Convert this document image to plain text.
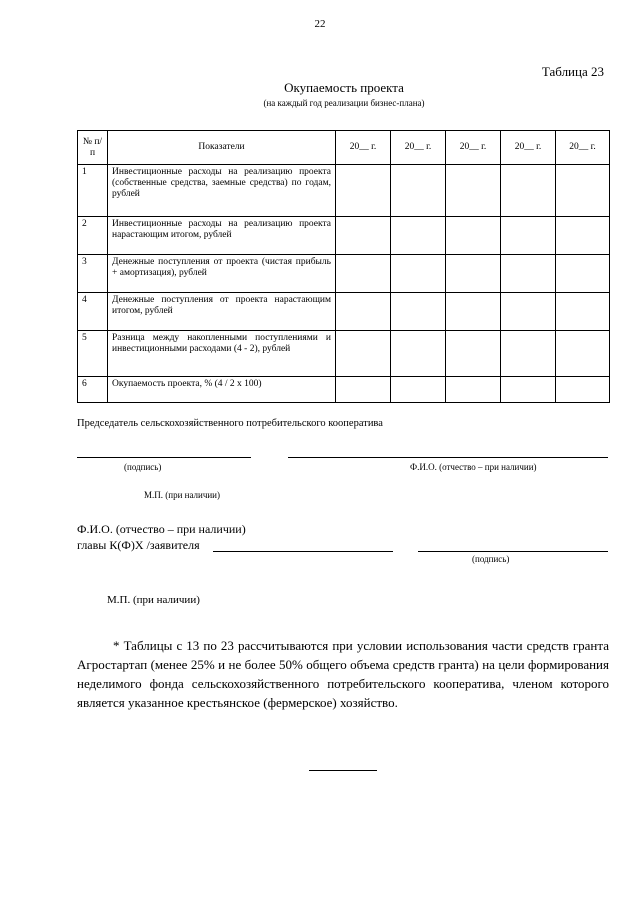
22
Таблица 23
Окупаемость проекта
(на каждый год реализации бизнес-плана)
№ п/п	Показатели	20__ г.	20__ г.	20__ г.	20__ г.	20__ г.
1	Инвестиционные расходы на реализацию проекта (собственные средства, заемные средства) по годам, рублей					
2	Инвестиционные расходы на реализацию проекта нарастающим итогом, рублей					
3	Денежные поступления от проекта (чистая прибыль + амортизация), рублей					
4	Денежные поступления от проекта нарастающим итогом, рублей					
5	Разница между накопленными поступлениями и инвестиционными расходами (4 - 2), рублей					
6	Окупаемость проекта, % (4 / 2 х 100)					
Председатель сельскохозяйственного потребительского кооператива
(подпись)	Ф.И.О. (отчество – при наличии)
М.П. (при наличии)
Ф.И.О. (отчество – при наличии)
главы К(Ф)Х /заявителя
(подпись)
М.П. (при наличии)
* Таблицы с 13 по 23 рассчитываются при условии использования части средств гранта Агростартап (менее 25% и не более 50% общего объема средств гранта) на цели формирования неделимого фонда сельскохозяйственного потребительского кооператива, членом которого является указанное крестьянское (фермерское) хозяйство.
